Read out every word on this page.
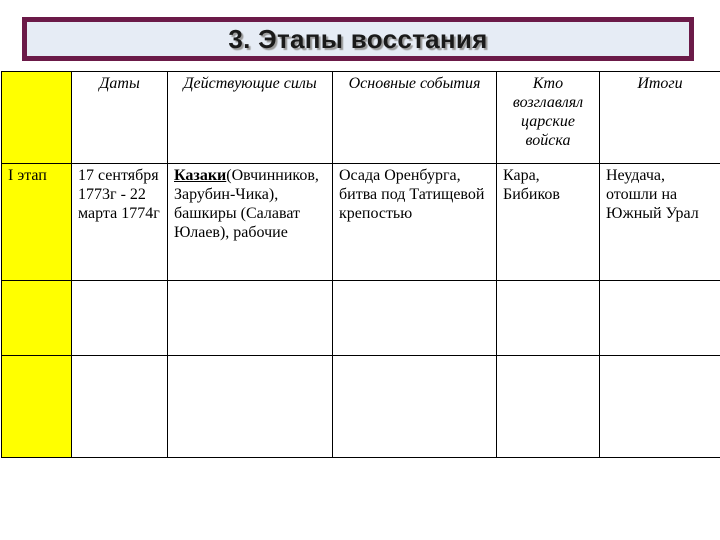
3. Этапы восстания
	Даты	Действующие силы	Основные события	Кто возглавлял царские войска	Итоги
I этап	17 сентября 1773г - 22 марта 1774г	Казаки(Овчинников, Зарубин-Чика), башкиры (Салават Юлаев), рабочие	Осада Оренбурга, битва под Татищевой крепостью	Кара, Бибиков	Неудача, отошли на Южный Урал
